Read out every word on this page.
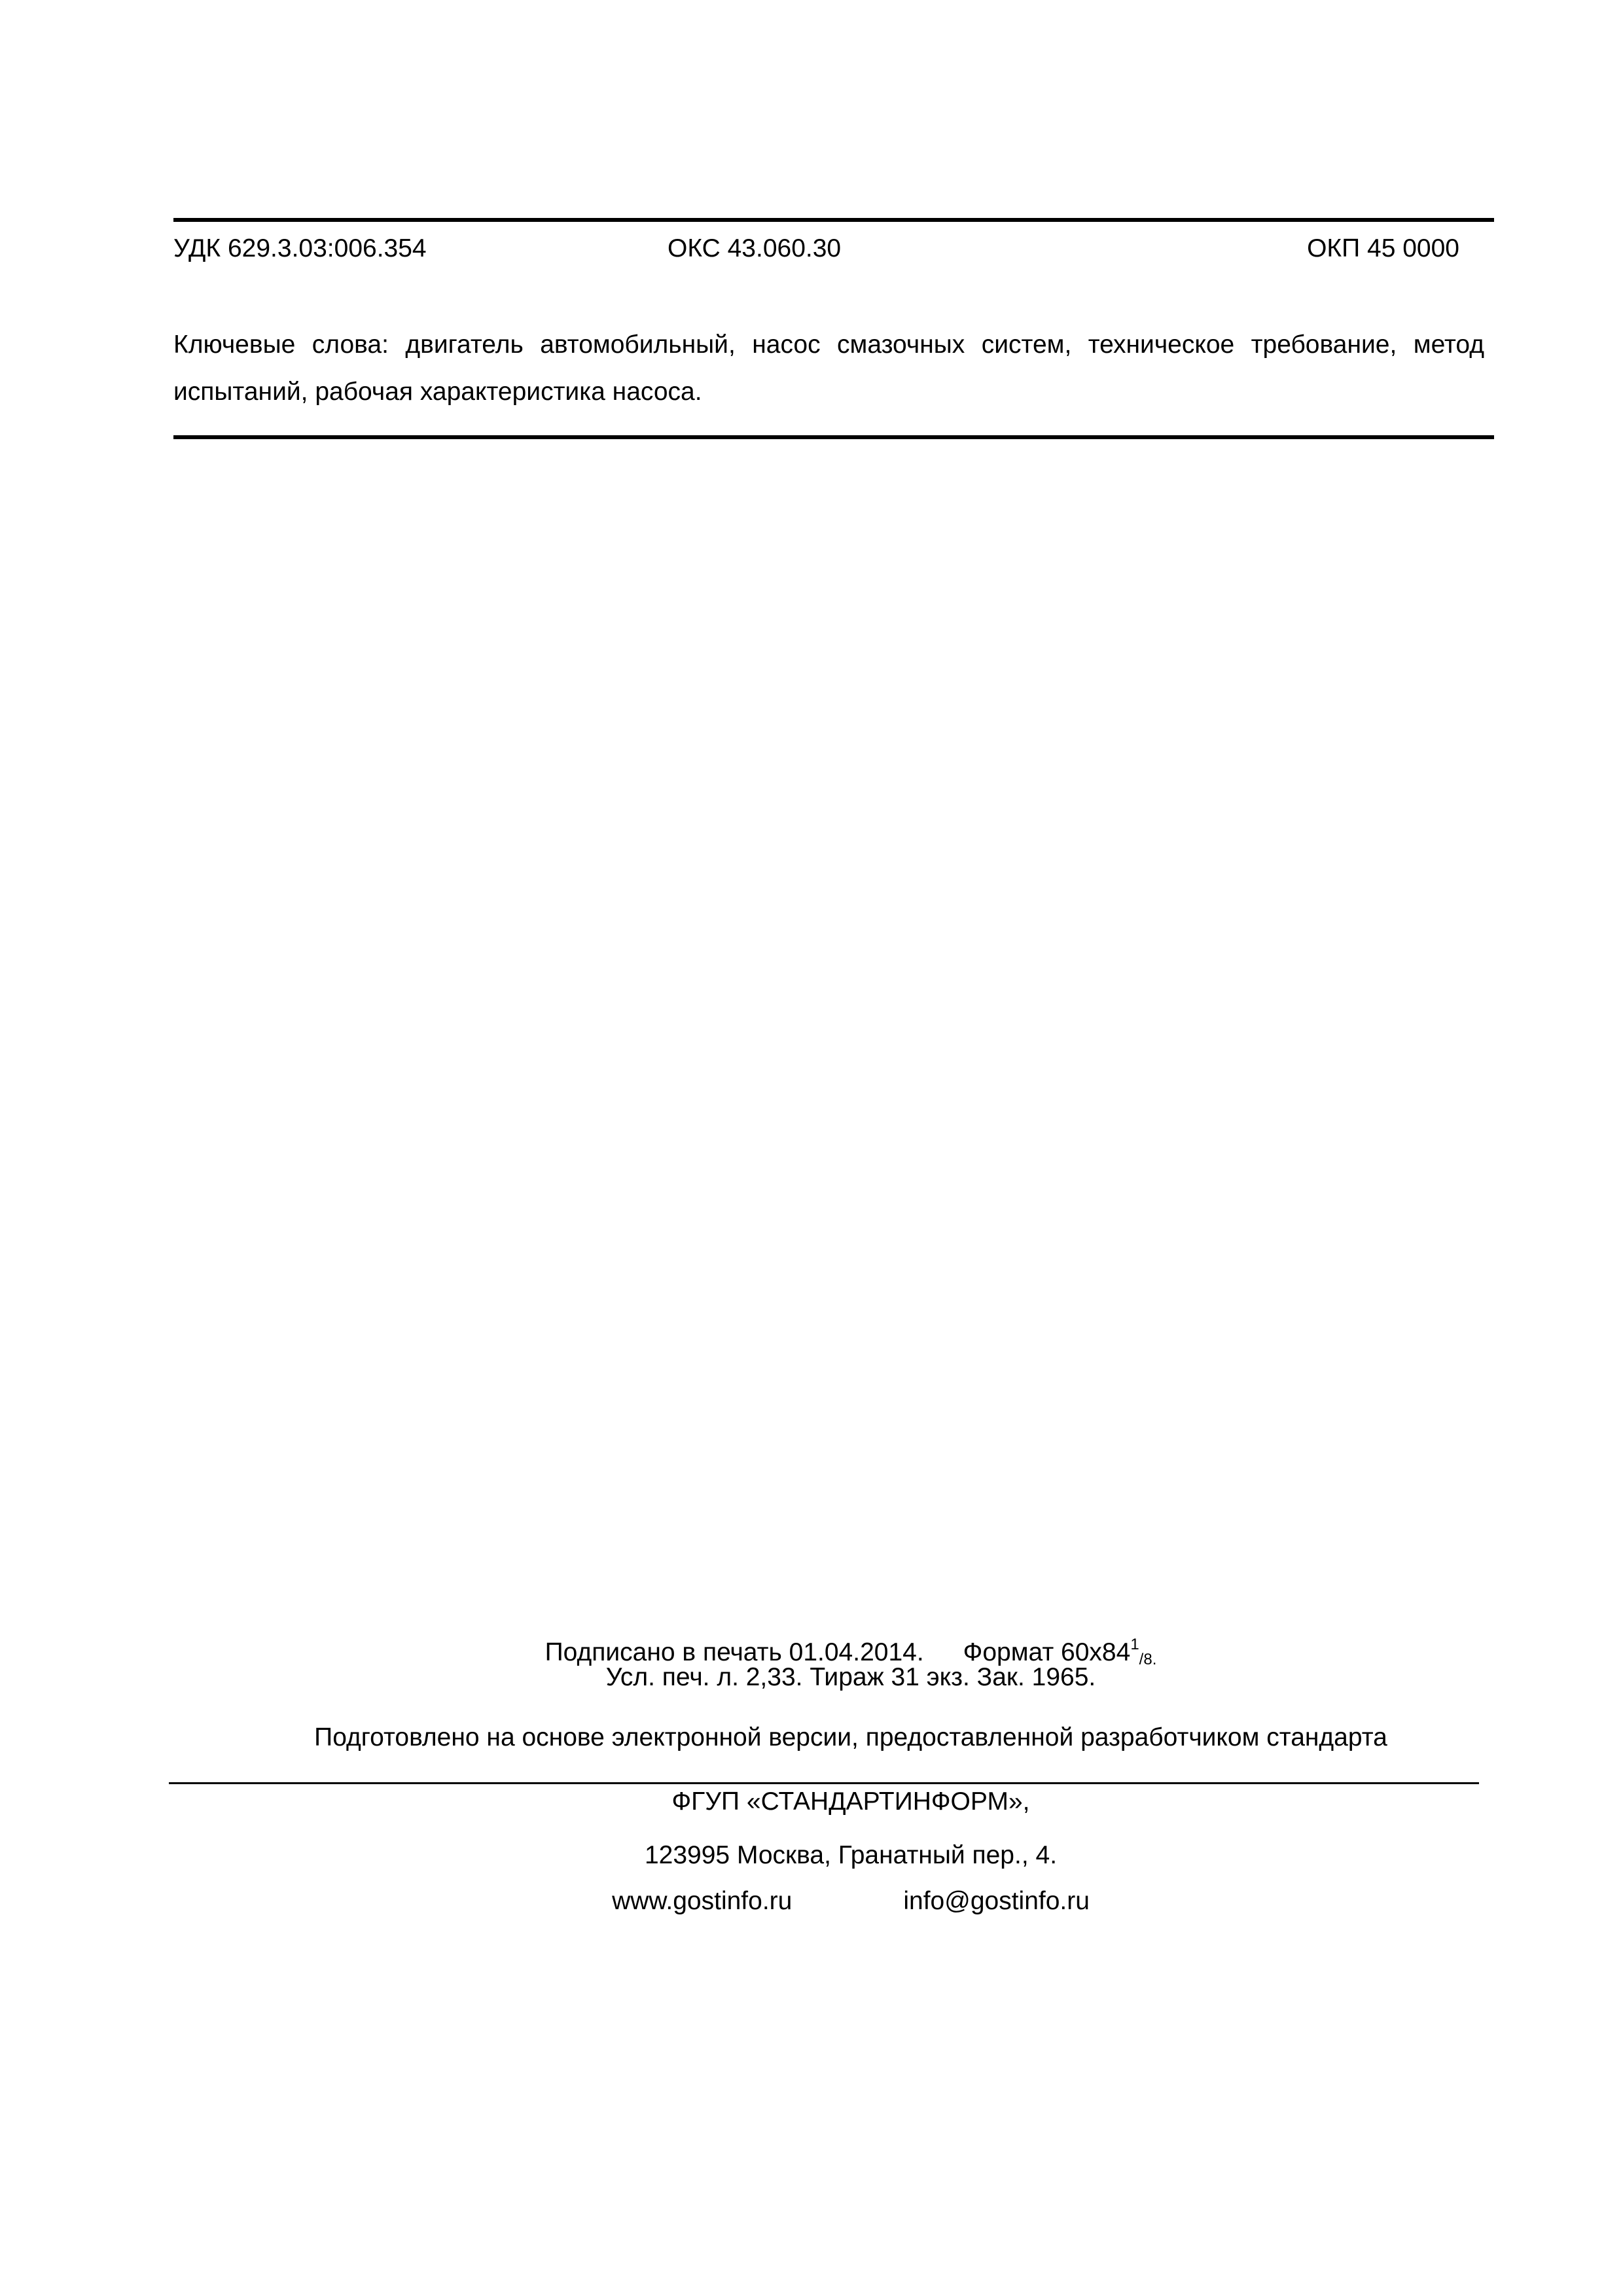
УДК 629.3.03:006.354	ОКС 43.060.30	ОКП 45 0000

Ключевые слова: двигатель автомобильный, насос смазочных систем, техническое требование, метод испытаний, рабочая характеристика насоса.

Подписано в печать 01.04.2014. Формат $60x84^1/8$.
Усл. печ. л. 2,33. Тираж 31 экз. Зак. 1965.
Подготовлено на основе электронной версии, предоставленной разработчиком стандарта
ФГУП «СТАНДАРТИНФОРМ»,
123995 Москва, Гранатный пер., 4.
www.gostinfo.ru	info@gostinfo.ru
